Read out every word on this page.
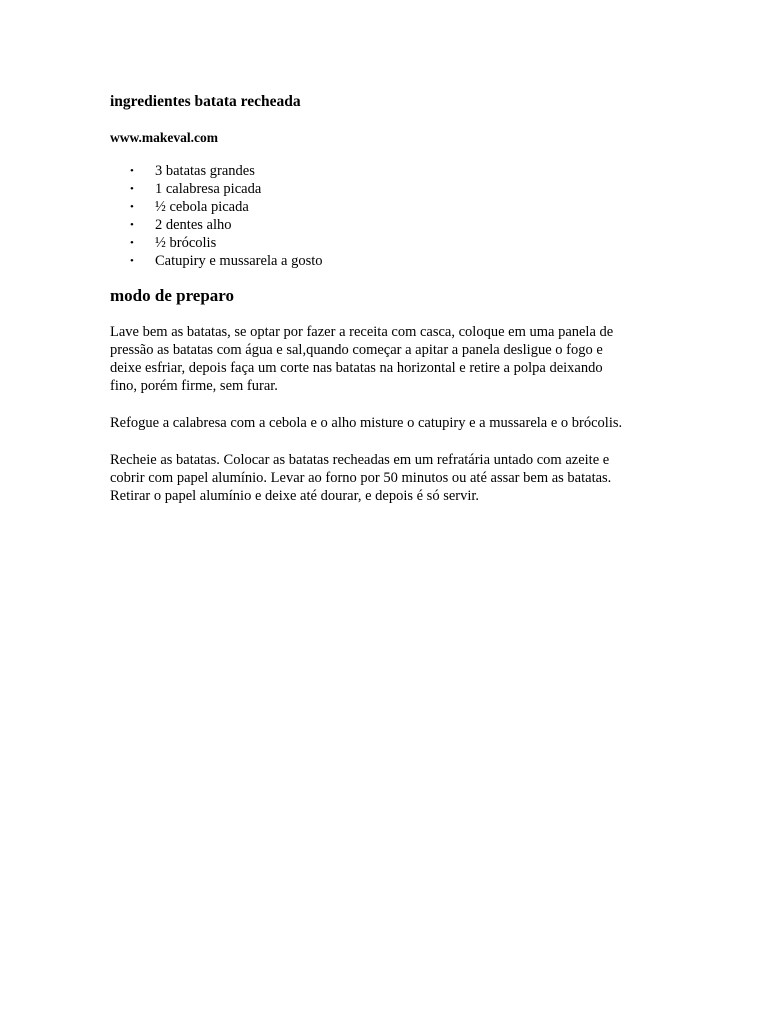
ingredientes batata recheada

www.makeval.com

• 3 batatas grandes
• 1 calabresa picada
• ½ cebola picada
• 2 dentes alho
• ½ brócolis
• Catupiry e mussarela a gosto
modo de preparo
Lave bem as batatas, se optar por fazer a receita com casca, coloque em uma panela de
pressão as batatas com água e sal,quando começar a apitar a panela desligue o fogo e
deixe esfriar, depois faça um corte nas batatas na horizontal e retire a polpa deixando
fino, porém firme, sem furar.
Refogue a calabresa com a cebola e o alho misture o catupiry e a mussarela e o brócolis.
Recheie as batatas. Colocar as batatas recheadas em um refratária untado com azeite e
cobrir com papel alumínio. Levar ao forno por 50 minutos ou até assar bem as batatas.
Retirar o papel alumínio e deixe até dourar, e depois é só servir.
